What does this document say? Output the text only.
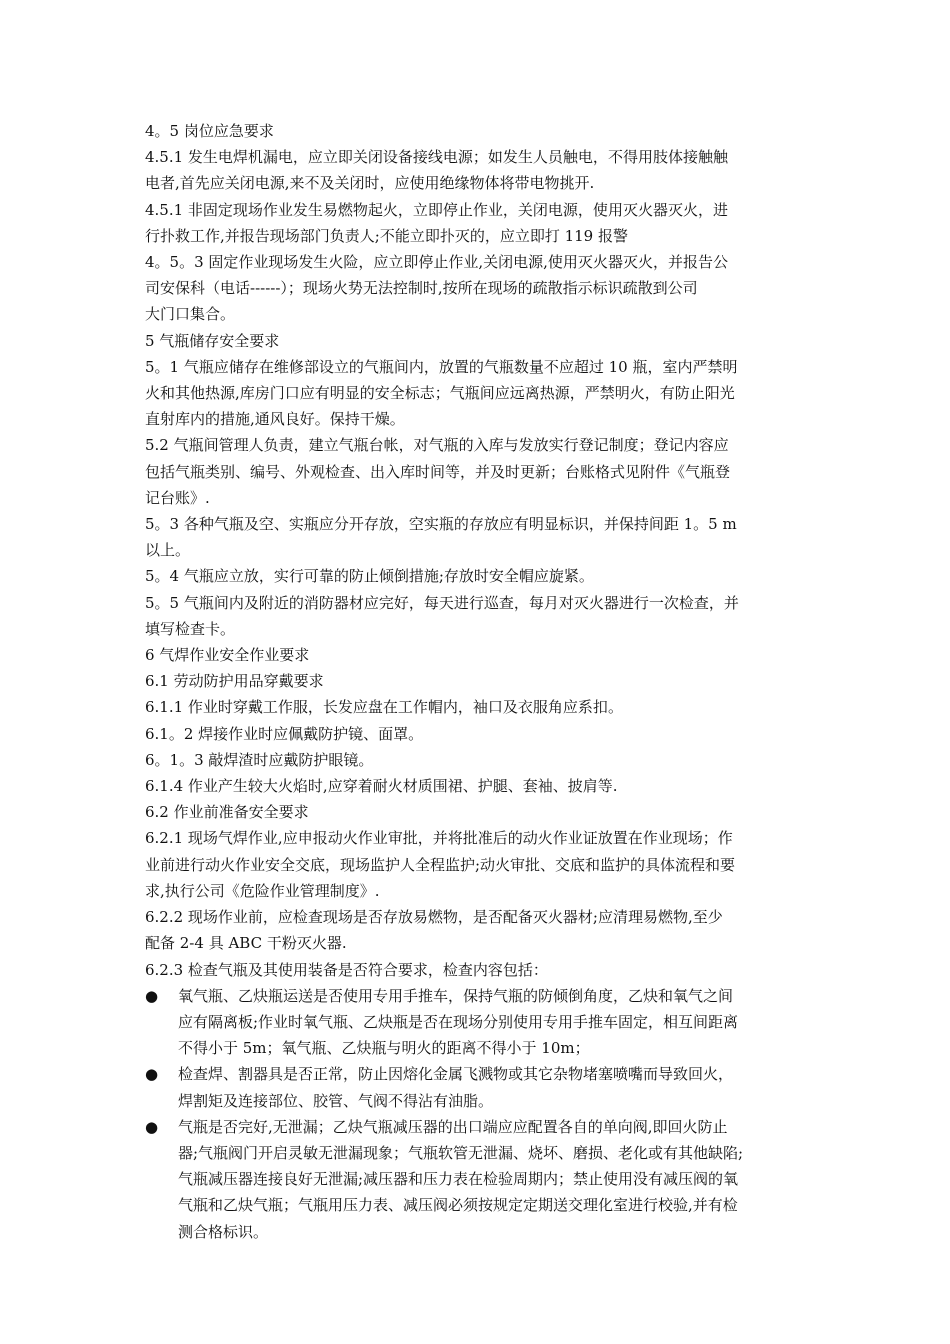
4。5 岗位应急要求
4.5.1 发生电焊机漏电，应立即关闭设备接线电源；如发生人员触电，不得用肢体接触触
电者,首先应关闭电源,来不及关闭时，应使用绝缘物体将带电物挑开.
4.5.1 非固定现场作业发生易燃物起火，立即停止作业，关闭电源，使用灭火器灭火，进
行扑救工作,并报告现场部门负责人;不能立即扑灭的，应立即打 119 报警
4。5。3 固定作业现场发生火险，应立即停止作业,关闭电源,使用灭火器灭火，并报告公
司安保科（电话------）；现场火势无法控制时,按所在现场的疏散指示标识疏散到公司
大门口集合。
5 气瓶储存安全要求
5。1 气瓶应储存在维修部设立的气瓶间内，放置的气瓶数量不应超过 10 瓶，室内严禁明
火和其他热源,库房门口应有明显的安全标志；气瓶间应远离热源，严禁明火，有防止阳光
直射库内的措施,通风良好。保持干燥。
5.2 气瓶间管理人负责，建立气瓶台帐，对气瓶的入库与发放实行登记制度；登记内容应
包括气瓶类别、编号、外观检查、出入库时间等，并及时更新；台账格式见附件《气瓶登
记台账》.
5。3 各种气瓶及空、实瓶应分开存放，空实瓶的存放应有明显标识，并保持间距 1。5 m
以上。
5。4 气瓶应立放，实行可靠的防止倾倒措施;存放时安全帽应旋紧。
5。5 气瓶间内及附近的消防器材应完好，每天进行巡查，每月对灭火器进行一次检查，并
填写检查卡。
6 气焊作业安全作业要求
6.1 劳动防护用品穿戴要求
6.1.1 作业时穿戴工作服，长发应盘在工作帽内，袖口及衣服角应系扣。
6.1。2 焊接作业时应佩戴防护镜、面罩。
6。1。3 敲焊渣时应戴防护眼镜。
6.1.4 作业产生较大火焰时,应穿着耐火材质围裙、护腿、套袖、披肩等.
6.2 作业前准备安全要求
6.2.1 现场气焊作业,应申报动火作业审批，并将批准后的动火作业证放置在作业现场；作
业前进行动火作业安全交底，现场监护人全程监护;动火审批、交底和监护的具体流程和要
求,执行公司《危险作业管理制度》.
6.2.2 现场作业前，应检查现场是否存放易燃物，是否配备灭火器材;应清理易燃物,至少
配备 2-4 具 ABC 干粉灭火器.
6.2.3 检查气瓶及其使用装备是否符合要求，检查内容包括：
●	氧气瓶、乙炔瓶运送是否使用专用手推车，保持气瓶的防倾倒角度，乙炔和氧气之间
应有隔离板;作业时氧气瓶、乙炔瓶是否在现场分别使用专用手推车固定，相互间距离
不得小于 5m；氧气瓶、乙炔瓶与明火的距离不得小于 10m；
●	检查焊、割器具是否正常，防止因熔化金属飞溅物或其它杂物堵塞喷嘴而导致回火，
焊割矩及连接部位、胶管、气阀不得沾有油脂。
●	气瓶是否完好,无泄漏；乙炔气瓶减压器的出口端应应配置各自的单向阀,即回火防止
器;气瓶阀门开启灵敏无泄漏现象；气瓶软管无泄漏、烧坏、磨损、老化或有其他缺陷;
气瓶减压器连接良好无泄漏;减压器和压力表在检验周期内；禁止使用没有减压阀的氧
气瓶和乙炔气瓶；气瓶用压力表、减压阀必须按规定定期送交理化室进行校验,并有检
测合格标识。
